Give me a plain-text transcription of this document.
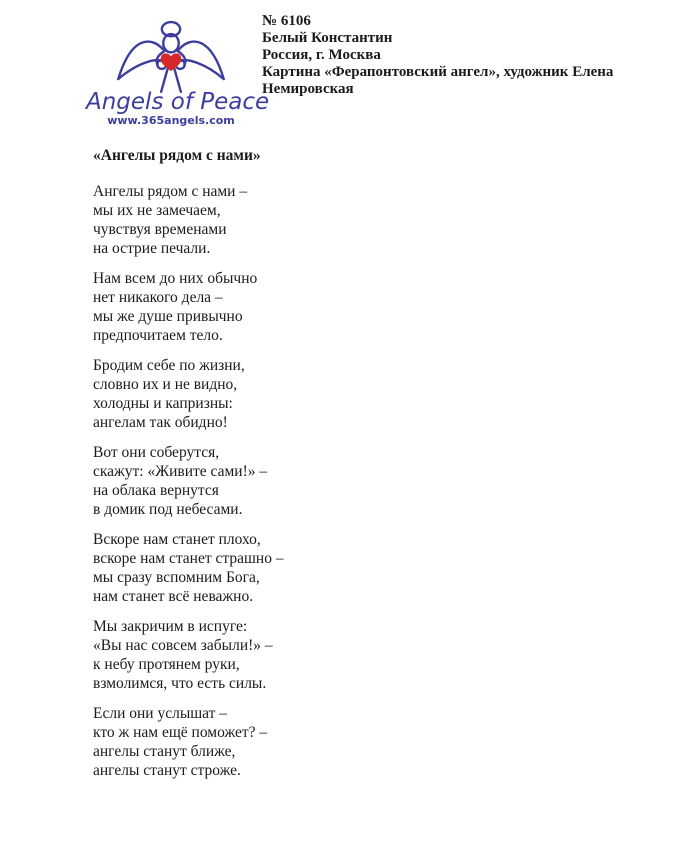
Angels of Peace
www.365angels.com

№ 6106

Белый Константин

Россия, г. Москва

Картина «Ферапонтовский ангел», художник Елена Немировская

«Ангелы рядом с нами»
Ангелы рядом с нами –
мы их не замечаем,
чувствуя временами
на острие печали.
Нам всем до них обычно
нет никакого дела –
мы же душе привычно
предпочитаем тело.
Бродим себе по жизни,
словно их и не видно,
холодны и капризны:
ангелам так обидно!
Вот они соберутся,
скажут: «Живите сами!» –
на облака вернутся
в домик под небесами.
Вскоре нам станет плохо,
вскоре нам станет страшно –
мы сразу вспомним Бога,
нам станет всё неважно.
Мы закричим в испуге:
«Вы нас совсем забыли!» –
к небу протянем руки,
взмолимся, что есть силы.
Если они услышат –
кто ж нам ещё поможет? –
ангелы станут ближе,
ангелы станут строже.
